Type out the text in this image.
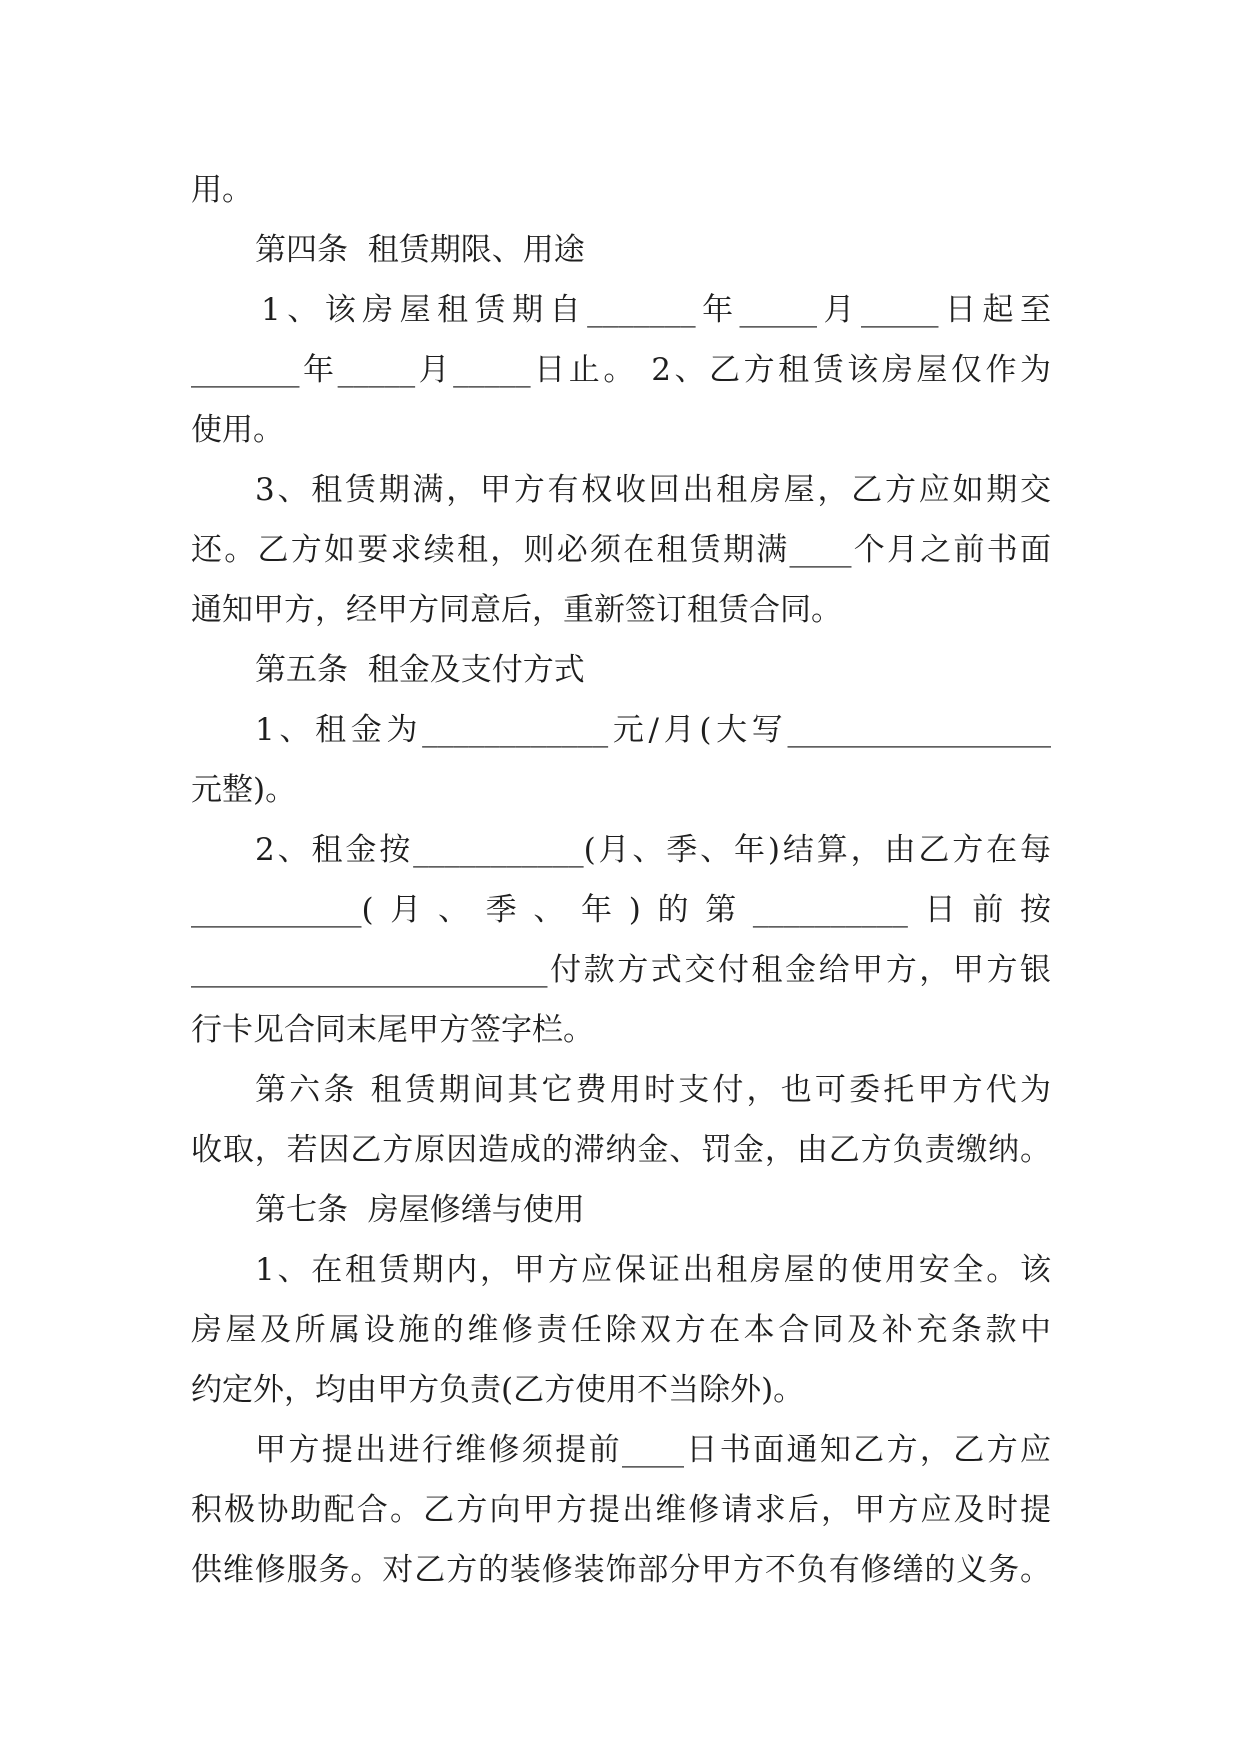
用。
第四条  租赁期限、用途
1、该房屋租赁期自_______年_____月_____日起至
_______年_____月_____日止。 2、乙方租赁该房屋仅作为
使用。
3、租赁期满，甲方有权收回出租房屋，乙方应如期交
还。乙方如要求续租，则必须在租赁期满____个月之前书面
通知甲方，经甲方同意后，重新签订租赁合同。
第五条  租金及支付方式
1、租金为____________元/月(大写_________________
元整)。
2、租金按___________(月、季、年)结算，由乙方在每
___________(月、季、年)的第__________日前按
_______________________付款方式交付租金给甲方，甲方银
行卡见合同末尾甲方签字栏。
第六条 租赁期间其它费用时支付，也可委托甲方代为
收取，若因乙方原因造成的滞纳金、罚金，由乙方负责缴纳。
第七条  房屋修缮与使用
1、在租赁期内，甲方应保证出租房屋的使用安全。该
房屋及所属设施的维修责任除双方在本合同及补充条款中
约定外，均由甲方负责(乙方使用不当除外)。
甲方提出进行维修须提前____日书面通知乙方，乙方应
积极协助配合。乙方向甲方提出维修请求后，甲方应及时提
供维修服务。对乙方的装修装饰部分甲方不负有修缮的义务。
